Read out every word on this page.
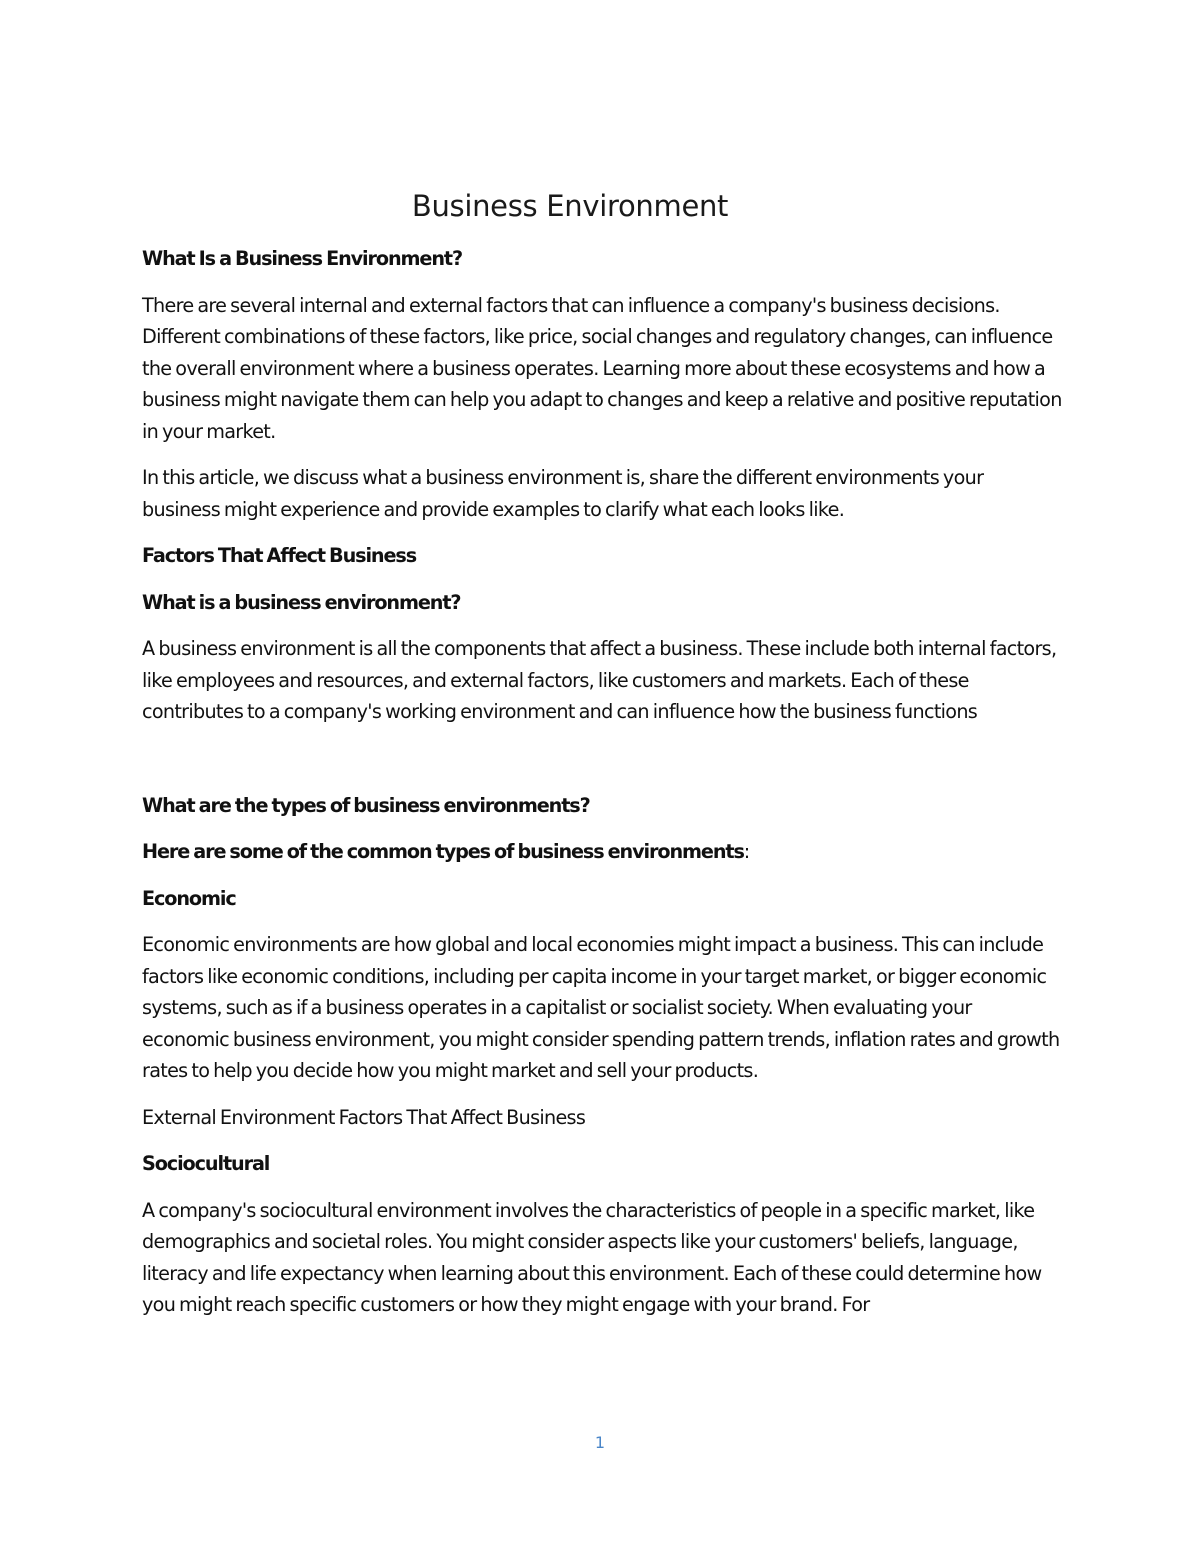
Business Environment
What Is a Business Environment?

There are several internal and external factors that can influence a company's business decisions. Different combinations of these factors, like price, social changes and regulatory changes, can influence the overall environment where a business operates. Learning more about these ecosystems and how a business might navigate them can help you adapt to changes and keep a relative and positive reputation in your market.

In this article, we discuss what a business environment is, share the different environments your business might experience and provide examples to clarify what each looks like.

Factors That Affect Business
What is a business environment?

A business environment is all the components that affect a business. These include both internal factors, like employees and resources, and external factors, like customers and markets. Each of these contributes to a company's working environment and can influence how the business functions

What are the types of business environments?

Here are some of the common types of business environments:

Economic

Economic environments are how global and local economies might impact a business. This can include factors like economic conditions, including per capita income in your target market, or bigger economic systems, such as if a business operates in a capitalist or socialist society. When evaluating your economic business environment, you might consider spending pattern trends, inflation rates and growth rates to help you decide how you might market and sell your products.

External Environment Factors That Affect Business

Sociocultural

A company's sociocultural environment involves the characteristics of people in a specific market, like demographics and societal roles. You might consider aspects like your customers' beliefs, language, literacy and life expectancy when learning about this environment. Each of these could determine how you might reach specific customers or how they might engage with your brand. For

1
